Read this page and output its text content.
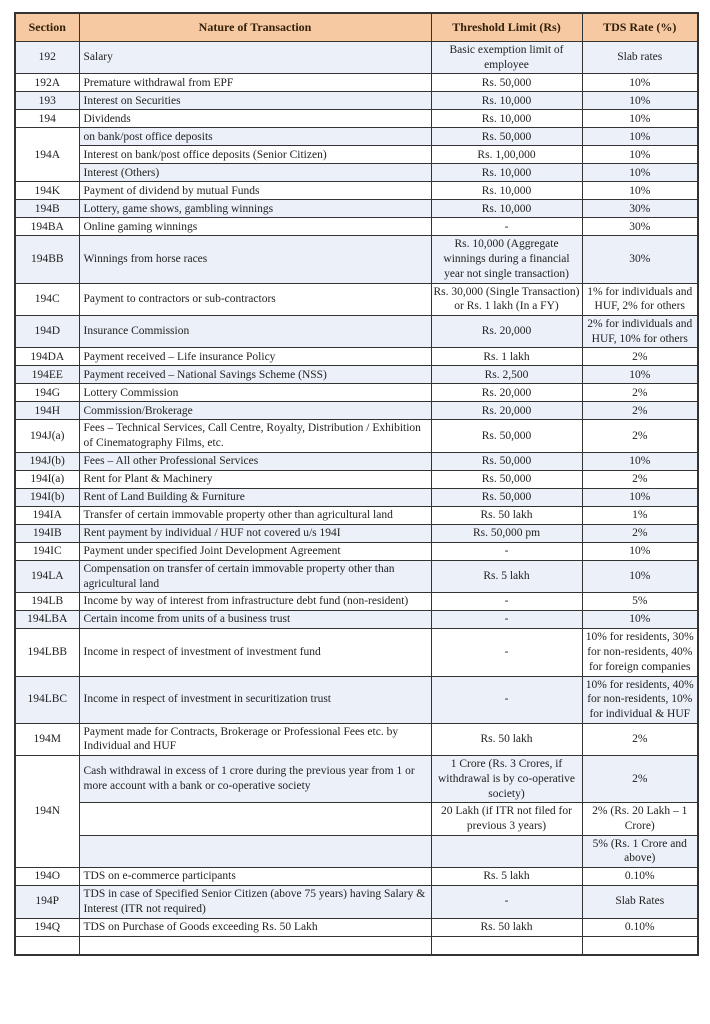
Section	Nature of Transaction	Threshold Limit (Rs)	TDS Rate (%)
192	Salary	Basic exemption limit of employee	Slab rates
192A	Premature withdrawal from EPF	Rs. 50,000	10%
193	Interest on Securities	Rs. 10,000	10%
194	Dividends	Rs. 10,000	10%
194A	on bank/post office deposits	Rs. 50,000	10%
	Interest on bank/post office deposits (Senior Citizen)	Rs. 1,00,000	10%
	Interest (Others)	Rs. 10,000	10%
194K	Payment of dividend by mutual Funds	Rs. 10,000	10%
194B	Lottery, game shows, gambling winnings	Rs. 10,000	30%
194BA	Online gaming winnings	-	30%
194BB	Winnings from horse races	Rs. 10,000 (Aggregate winnings during a financial year not single transaction)	30%
194C	Payment to contractors or sub-contractors	Rs. 30,000 (Single Transaction) or Rs. 1 lakh (In a FY)	1% for individuals and HUF, 2% for others
194D	Insurance Commission	Rs. 20,000	2% for individuals and HUF, 10% for others
194DA	Payment received – Life insurance Policy	Rs. 1 lakh	2%
194EE	Payment received – National Savings Scheme (NSS)	Rs. 2,500	10%
194G	Lottery Commission	Rs. 20,000	2%
194H	Commission/Brokerage	Rs. 20,000	2%
194J(a)	Fees – Technical Services, Call Centre, Royalty, Distribution / Exhibition of Cinematography Films, etc.	Rs. 50,000	2%
194J(b)	Fees – All other Professional Services	Rs. 50,000	10%
194I(a)	Rent for Plant & Machinery	Rs. 50,000	2%
194I(b)	Rent of Land Building & Furniture	Rs. 50,000	10%
194IA	Transfer of certain immovable property other than agricultural land	Rs. 50 lakh	1%
194IB	Rent payment by individual / HUF not covered u/s 194I	Rs. 50,000 pm	2%
194IC	Payment under specified Joint Development Agreement	-	10%
194LA	Compensation on transfer of certain immovable property other than agricultural land	Rs. 5 lakh	10%
194LB	Income by way of interest from infrastructure debt fund (non-resident)	-	5%
194LBA	Certain income from units of a business trust	-	10%
194LBB	Income in respect of investment of investment fund	-	10% for residents, 30% for non-residents, 40% for foreign companies
194LBC	Income in respect of investment in securitization trust	-	10% for residents, 40% for non-residents, 10% for individual & HUF
194M	Payment made for Contracts, Brokerage or Professional Fees etc. by Individual and HUF	Rs. 50 lakh	2%
194N	Cash withdrawal in excess of 1 crore during the previous year from 1 or more account with a bank or co-operative society	1 Crore (Rs. 3 Crores, if withdrawal is by co-operative society)	2%
		20 Lakh (if ITR not filed for previous 3 years)	2% (Rs. 20 Lakh – 1 Crore)
			5% (Rs. 1 Crore and above)
194O	TDS on e-commerce participants	Rs. 5 lakh	0.10%
194P	TDS in case of Specified Senior Citizen (above 75 years) having Salary & Interest (ITR not required)	-	Slab Rates
194Q	TDS on Purchase of Goods exceeding Rs. 50 Lakh	Rs. 50 lakh	0.10%
